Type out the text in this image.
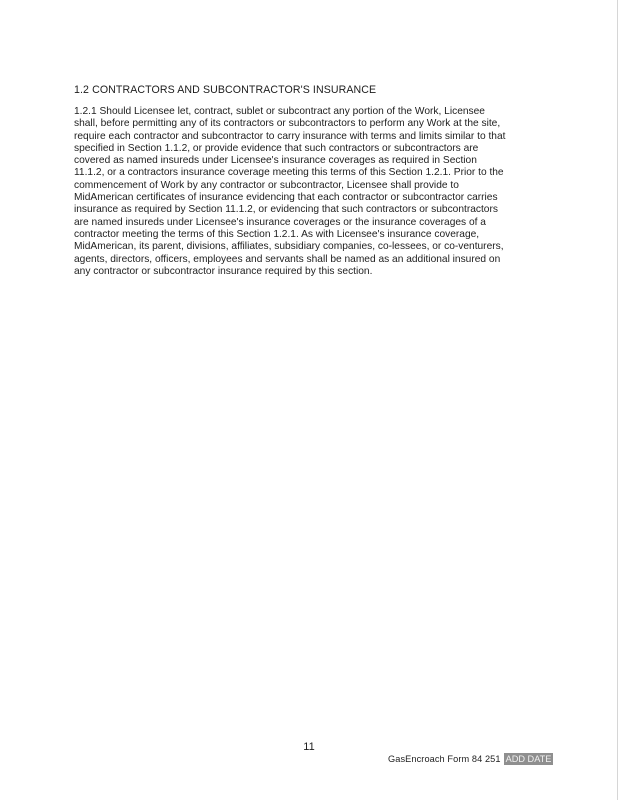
1.2 CONTRACTORS AND SUBCONTRACTOR'S INSURANCE
1.2.1 Should Licensee let, contract, sublet or subcontract any portion of the Work, Licensee
shall, before permitting any of its contractors or subcontractors to perform any Work at the site,
require each contractor and subcontractor to carry insurance with terms and limits similar to that
specified in Section 1.1.2, or provide evidence that such contractors or subcontractors are
covered as named insureds under Licensee's insurance coverages as required in Section
11.1.2, or a contractors insurance coverage meeting this terms of this Section 1.2.1. Prior to the
commencement of Work by any contractor or subcontractor, Licensee shall provide to
MidAmerican certificates of insurance evidencing that each contractor or subcontractor carries
insurance as required by Section 11.1.2, or evidencing that such contractors or subcontractors
are named insureds under Licensee's insurance coverages or the insurance coverages of a
contractor meeting the terms of this Section 1.2.1. As with Licensee's insurance coverage,
MidAmerican, its parent, divisions, affiliates, subsidiary companies, co-lessees, or co-venturers,
agents, directors, officers, employees and servants shall be named as an additional insured on
any contractor or subcontractor insurance required by this section.
11
GasEncroach Form 84 251 ADD DATE
